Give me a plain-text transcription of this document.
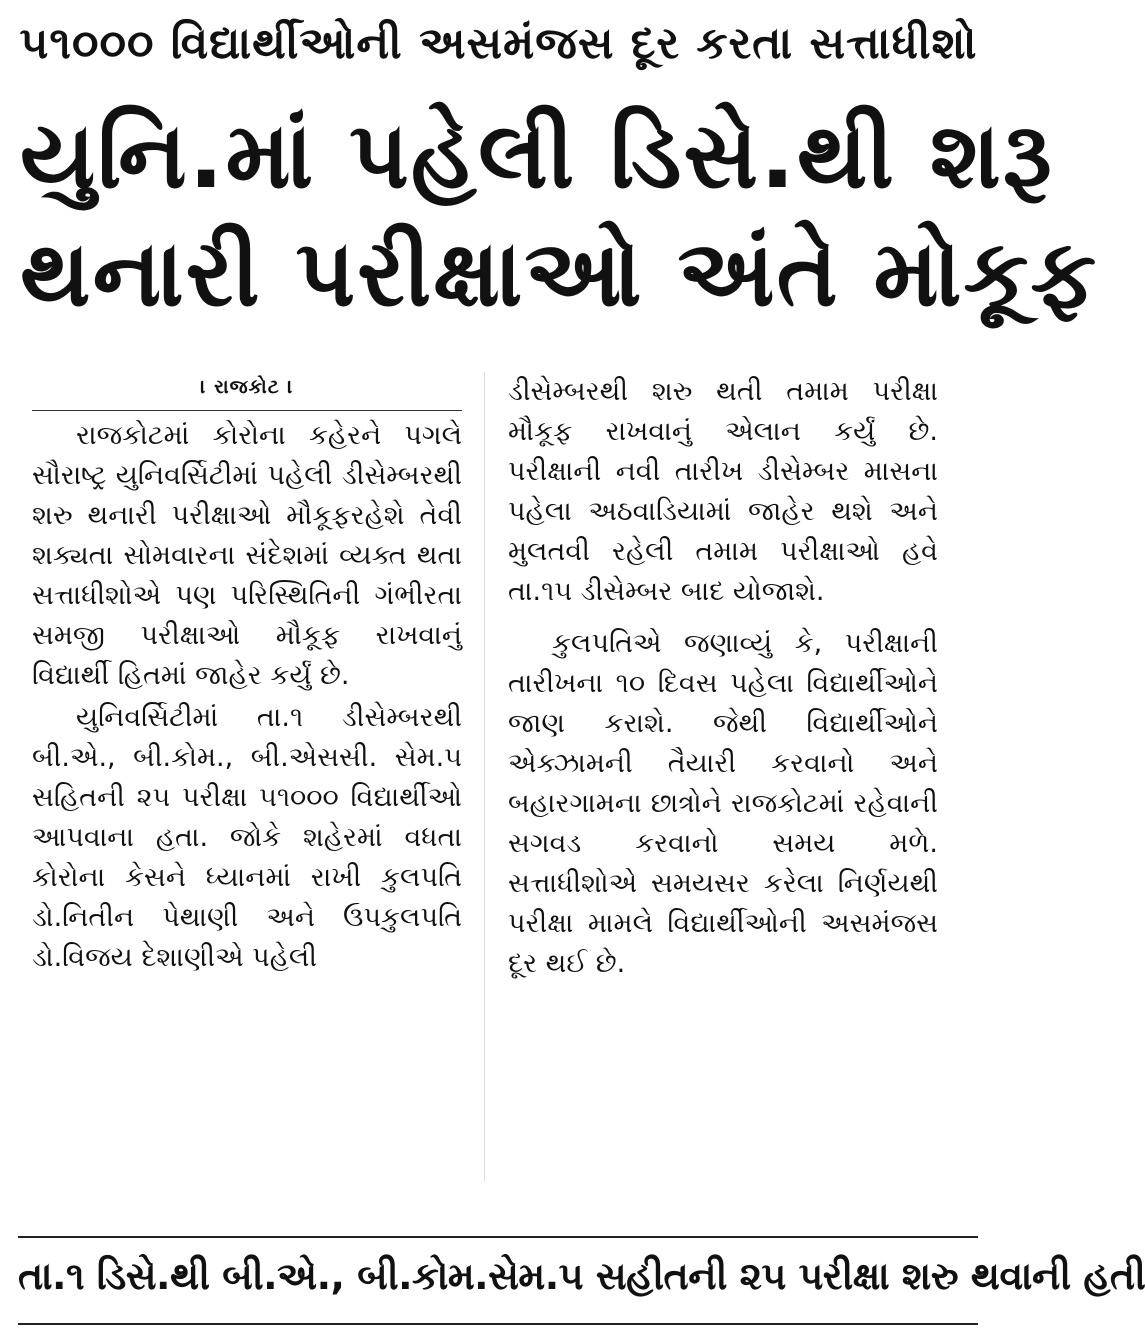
૫૧૦૦૦ વિદ્યાર્થીઓની અસમંજસ દૂર કરતા સત્તાધીશો
યુનિ.માં પહેલી ડિસે.થી શરૂ
થનારી પરીક્ષાઓ અંતે મોકૂફ
। રાજકોટ ।

રાજકોટમાં કોરોના કહેરને પગલે સૌરાષ્ટ્ર યુનિવર્સિટીમાં પહેલી ડીસેમ્બરથી શરુ થનારી પરીક્ષાઓ મૌકૂફરહેશે તેવી શક્યતા સોમવારના સંદેશમાં વ્યક્ત થતા સત્તાધીશોએ પણ પરિસ્થિતિની ગંભીરતા સમજી પરીક્ષાઓ મૌકૂફ રાખવાનું વિદ્યાર્થી હિતમાં જાહેર કર્યું છે.

યુનિવર્સિટીમાં તા.૧ ડીસેમ્બરથી બી.એ., બી.કોમ., બી.એસસી. સેમ.૫ સહિતની ૨૫ પરીક્ષા ૫૧૦૦૦ વિદ્યાર્થીઓ આપવાના હતા. જોકે શહેરમાં વધતા કોરોના કેસને ધ્યાનમાં રાખી કુલપતિ ડો.નિતીન પેથાણી અને ઉપકુલપતિ ડો.વિજય દેશાણીએ પહેલી

ડીસેમ્બરથી શરુ થતી તમામ પરીક્ષા મૌકૂફ રાખવાનું એલાન કર્યું છે. પરીક્ષાની નવી તારીખ ડીસેમ્બર માસના પહેલા અઠવાડિયામાં જાહેર થશે અને મુલતવી રહેલી તમામ પરીક્ષાઓ હવે તા.૧૫ ડીસેમ્બર બાદ યોજાશે.

કુલપતિએ જણાવ્યું કે, પરીક્ષાની તારીખના ૧૦ દિવસ પહેલા વિદ્યાર્થીઓને જાણ કરાશે. જેથી વિદ્યાર્થીઓને એક્ઝામની તૈયારી કરવાનો અને બહારગામના છાત્રોને રાજકોટમાં રહેવાની સગવડ કરવાનો સમય મળે. સત્તાધીશોએ સમયસર કરેલા નિર્ણયથી પરીક્ષા મામલે વિદ્યાર્થીઓની અસમંજસ દૂર થઈ છે.

તા.૧ ડિસે.થી બી.એ., બી.કોમ.સેમ.૫ સહીતની ૨૫ પરીક્ષા શરુ થવાની હતી
